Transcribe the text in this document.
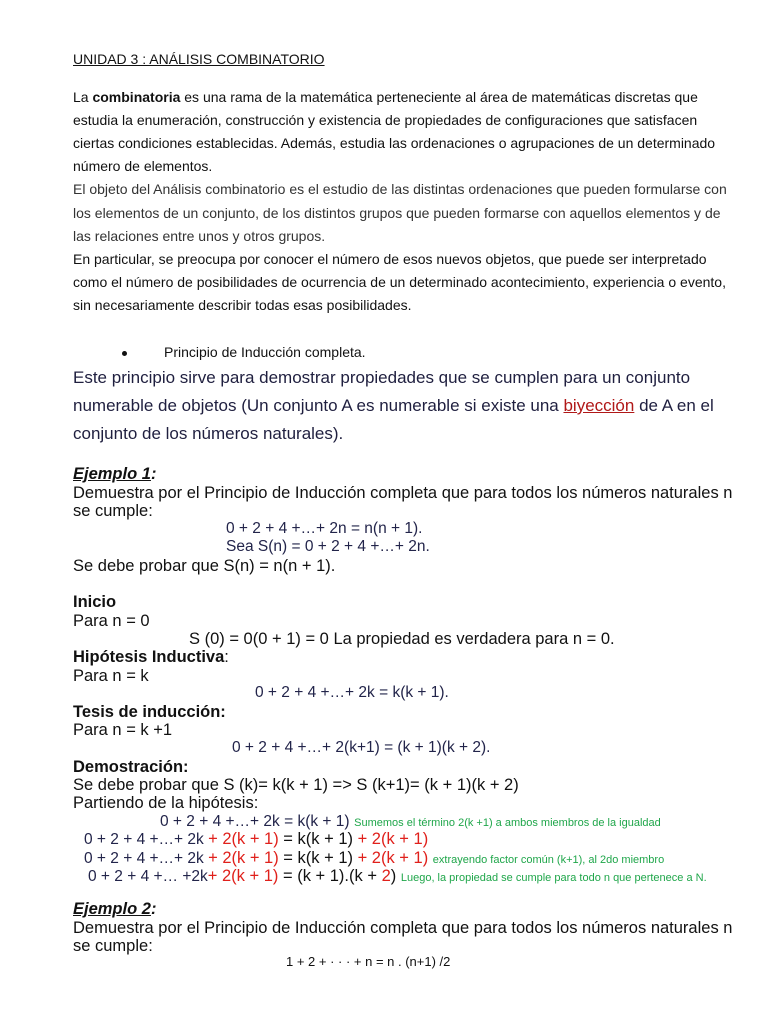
UNIDAD 3 : ANÁLISIS COMBINATORIO
La combinatoria es una rama de la matemática perteneciente al área de matemáticas discretas que
estudia la enumeración, construcción y existencia de propiedades de configuraciones que satisfacen
ciertas condiciones establecidas. Además, estudia las ordenaciones o agrupaciones de un determinado
número de elementos.
El objeto del Análisis combinatorio es el estudio de las distintas ordenaciones que pueden formularse con
los elementos de un conjunto, de los distintos grupos que pueden formarse con aquellos elementos y de
las relaciones entre unos y otros grupos.
En particular, se preocupa por conocer el número de esos nuevos objetos, que puede ser interpretado
como el número de posibilidades de ocurrencia de un determinado acontecimiento, experiencia o evento,
sin necesariamente describir todas esas posibilidades.
Principio de Inducción completa.
Este principio sirve para demostrar propiedades que se cumplen para un conjunto
numerable de objetos (Un conjunto A es numerable si existe una biyección de A en el
conjunto de los números naturales).
Ejemplo 1:
Demuestra por el Principio de Inducción completa que para todos los números naturales n
se cumple:
0 + 2 + 4 +…+ 2n = n(n + 1).
Sea S(n) = 0 + 2 + 4 +…+ 2n.
Se debe probar que S(n) = n(n + 1).
Inicio
Para n = 0
S (0) = 0(0 + 1) = 0 La propiedad es verdadera para n = 0.
Hipótesis Inductiva:
Para n = k
0 + 2 + 4 +…+ 2k = k(k + 1).
Tesis de inducción:
Para n = k +1
0 + 2 + 4 +…+ 2(k+1) = (k + 1)(k + 2).
Demostración:
Se debe probar que S (k)= k(k + 1) => S (k+1)= (k + 1)(k + 2)
Partiendo de la hipótesis:
0 + 2 + 4 +…+ 2k = k(k + 1) Sumemos el término 2(k +1) a ambos miembros de la igualdad
0 + 2 + 4 +…+ 2k + 2(k + 1) = k(k + 1) + 2(k + 1)
0 + 2 + 4 +…+ 2k + 2(k + 1) = k(k + 1) + 2(k + 1) extrayendo factor común (k+1), al 2do miembro
0 + 2 + 4 +… +2k+ 2(k + 1) = (k + 1).(k + 2) Luego, la propiedad se cumple para todo n que pertenece a N.
Ejemplo 2:
Demuestra por el Principio de Inducción completa que para todos los números naturales n
se cumple:
1 + 2 + · · · + n = n . (n+1) /2
